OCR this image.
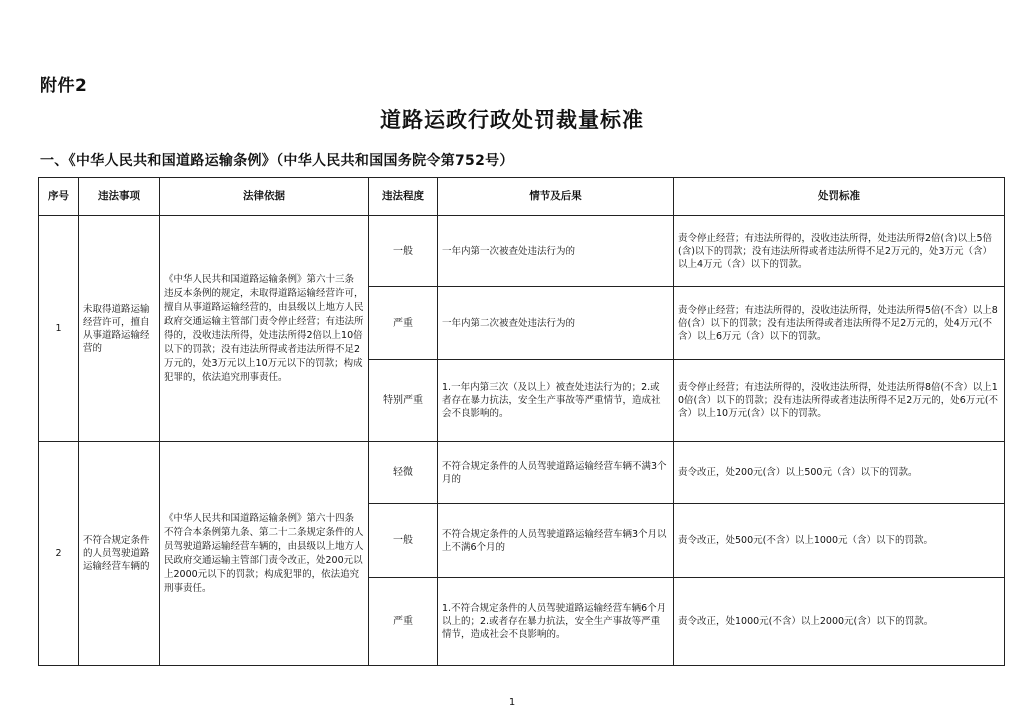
附件2
道路运政行政处罚裁量标准
一、《中华人民共和国道路运输条例》（中华人民共和国国务院令第752号）
序号	违法事项	法律依据	违法程度	情节及后果	处罚标准
1	未取得道路运输经营许可，擅自从事道路运输经营的	《中华人民共和国道路运输条例》第六十三条 违反本条例的规定，未取得道路运输经营许可，擅自从事道路运输经营的，由县级以上地方人民政府交通运输主管部门责令停止经营；有违法所得的，没收违法所得，处违法所得2倍以上10倍以下的罚款；没有违法所得或者违法所得不足2万元的，处3万元以上10万元以下的罚款；构成犯罪的，依法追究刑事责任。	一般	一年内第一次被查处违法行为的	责令停止经营；有违法所得的，没收违法所得，处违法所得2倍(含)以上5倍(含)以下的罚款；没有违法所得或者违法所得不足2万元的，处3万元（含）以上4万元（含）以下的罚款。
			严重	一年内第二次被查处违法行为的	责令停止经营；有违法所得的，没收违法所得，处违法所得5倍(不含）以上8倍(含）以下的罚款；没有违法所得或者违法所得不足2万元的，处4万元(不含）以上6万元（含）以下的罚款。
			特别严重	1.一年内第三次（及以上）被查处违法行为的；2.或者存在暴力抗法，安全生产事故等严重情节，造成社会不良影响的。	责令停止经营；有违法所得的，没收违法所得，处违法所得8倍(不含）以上10倍(含）以下的罚款；没有违法所得或者违法所得不足2万元的，处6万元(不含）以上10万元(含）以下的罚款。
2	不符合规定条件的人员驾驶道路运输经营车辆的	《中华人民共和国道路运输条例》第六十四条 不符合本条例第九条、第二十二条规定条件的人员驾驶道路运输经营车辆的，由县级以上地方人民政府交通运输主管部门责令改正，处200元以上2000元以下的罚款；构成犯罪的，依法追究刑事责任。	轻微	不符合规定条件的人员驾驶道路运输经营车辆不满3个月的	责令改正，处200元(含）以上500元（含）以下的罚款。
			一般	不符合规定条件的人员驾驶道路运输经营车辆3个月以上不满6个月的	责令改正，处500元(不含）以上1000元（含）以下的罚款。
			严重	1.不符合规定条件的人员驾驶道路运输经营车辆6个月以上的；2.或者存在暴力抗法，安全生产事故等严重情节，造成社会不良影响的。	责令改正，处1000元(不含）以上2000元(含）以下的罚款。
1
